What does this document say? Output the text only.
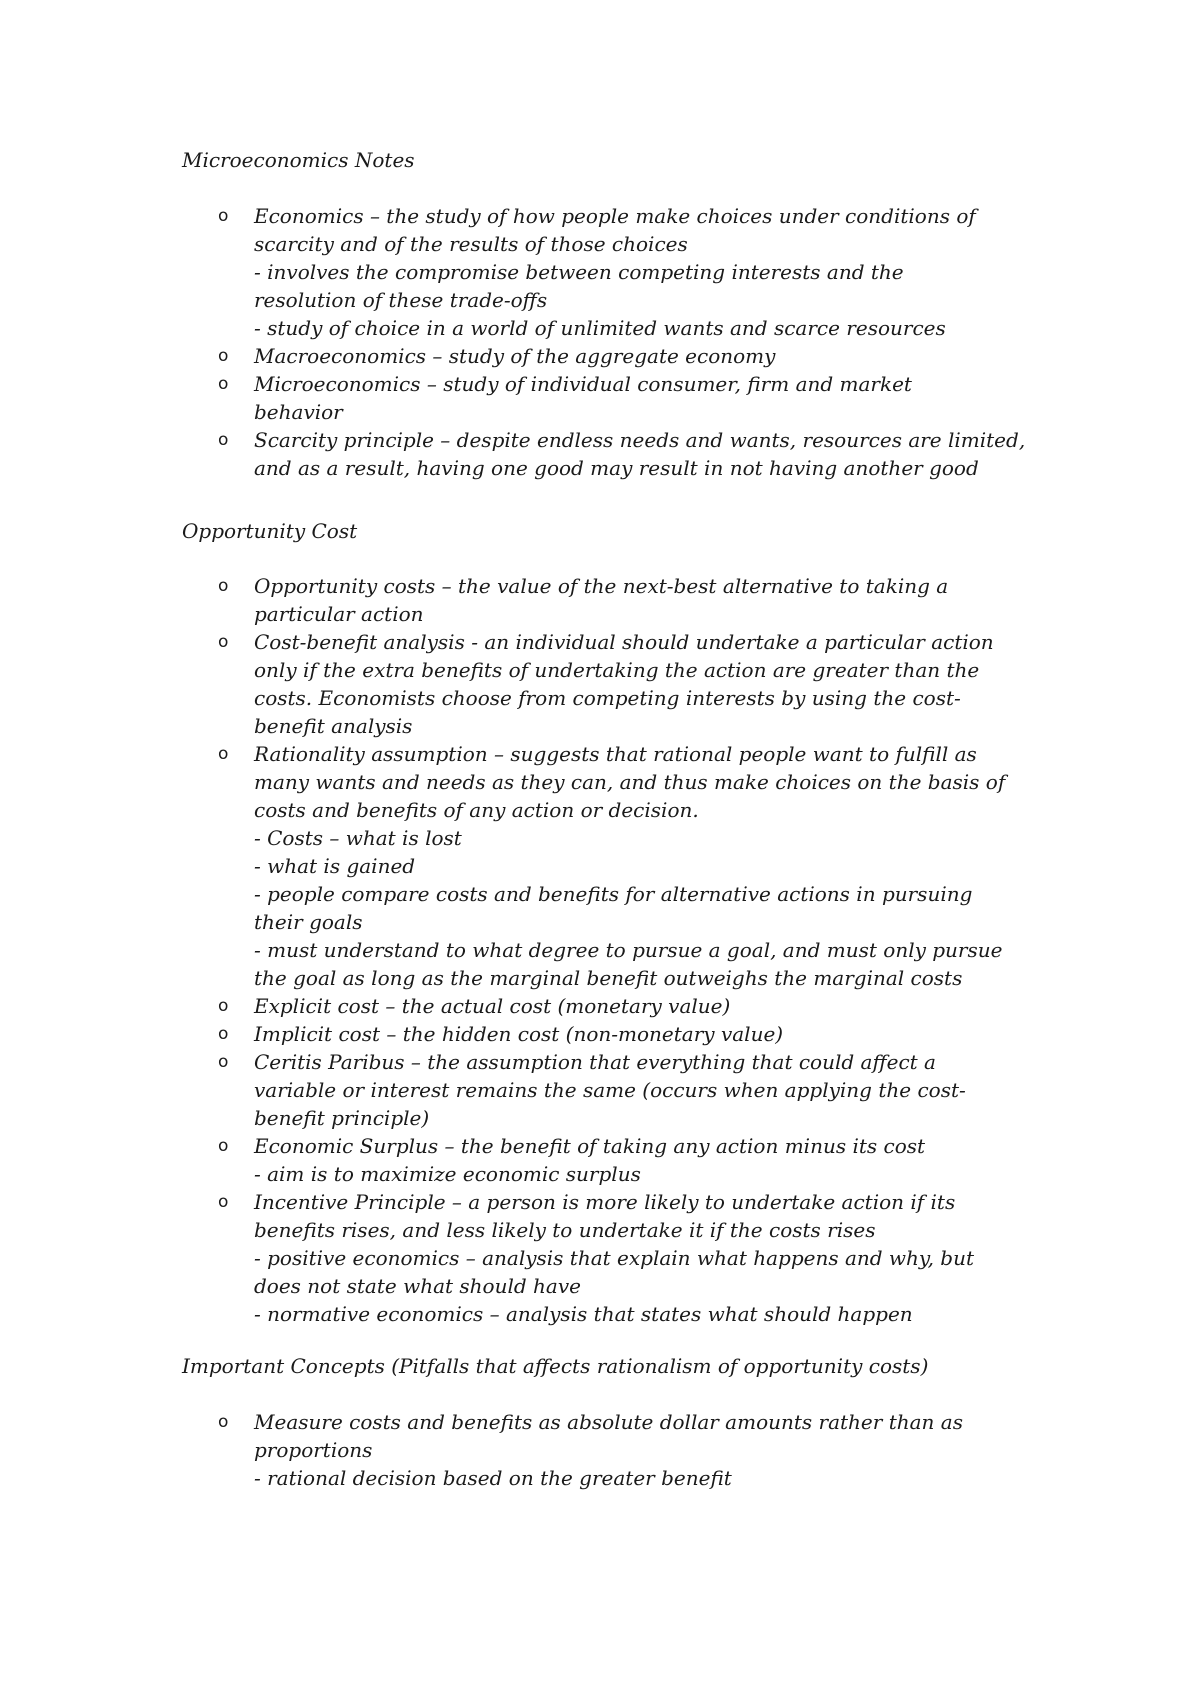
Microeconomics Notes
o Economics – the study of how people make choices under conditions of
scarcity and of the results of those choices
- involves the compromise between competing interests and the
resolution of these trade-offs
- study of choice in a world of unlimited wants and scarce resources
o Macroeconomics – study of the aggregate economy
o Microeconomics – study of individual consumer, firm and market
behavior
o Scarcity principle – despite endless needs and wants, resources are limited,
and as a result, having one good may result in not having another good
Opportunity Cost
o Opportunity costs – the value of the next-best alternative to taking a
particular action
o Cost-benefit analysis - an individual should undertake a particular action
only if the extra benefits of undertaking the action are greater than the
costs. Economists choose from competing interests by using the cost-
benefit analysis
o Rationality assumption – suggests that rational people want to fulfill as
many wants and needs as they can, and thus make choices on the basis of
costs and benefits of any action or decision.
- Costs – what is lost
- what is gained
- people compare costs and benefits for alternative actions in pursuing
their goals
- must understand to what degree to pursue a goal, and must only pursue
the goal as long as the marginal benefit outweighs the marginal costs
o Explicit cost – the actual cost (monetary value)
o Implicit cost – the hidden cost (non-monetary value)
o Ceritis Paribus – the assumption that everything that could affect a
variable or interest remains the same (occurs when applying the cost-
benefit principle)
o Economic Surplus – the benefit of taking any action minus its cost
- aim is to maximize economic surplus
o Incentive Principle – a person is more likely to undertake action if its
benefits rises, and less likely to undertake it if the costs rises
- positive economics – analysis that explain what happens and why, but
does not state what should have
- normative economics – analysis that states what should happen
Important Concepts (Pitfalls that affects rationalism of opportunity costs)
o Measure costs and benefits as absolute dollar amounts rather than as
proportions
- rational decision based on the greater benefit
